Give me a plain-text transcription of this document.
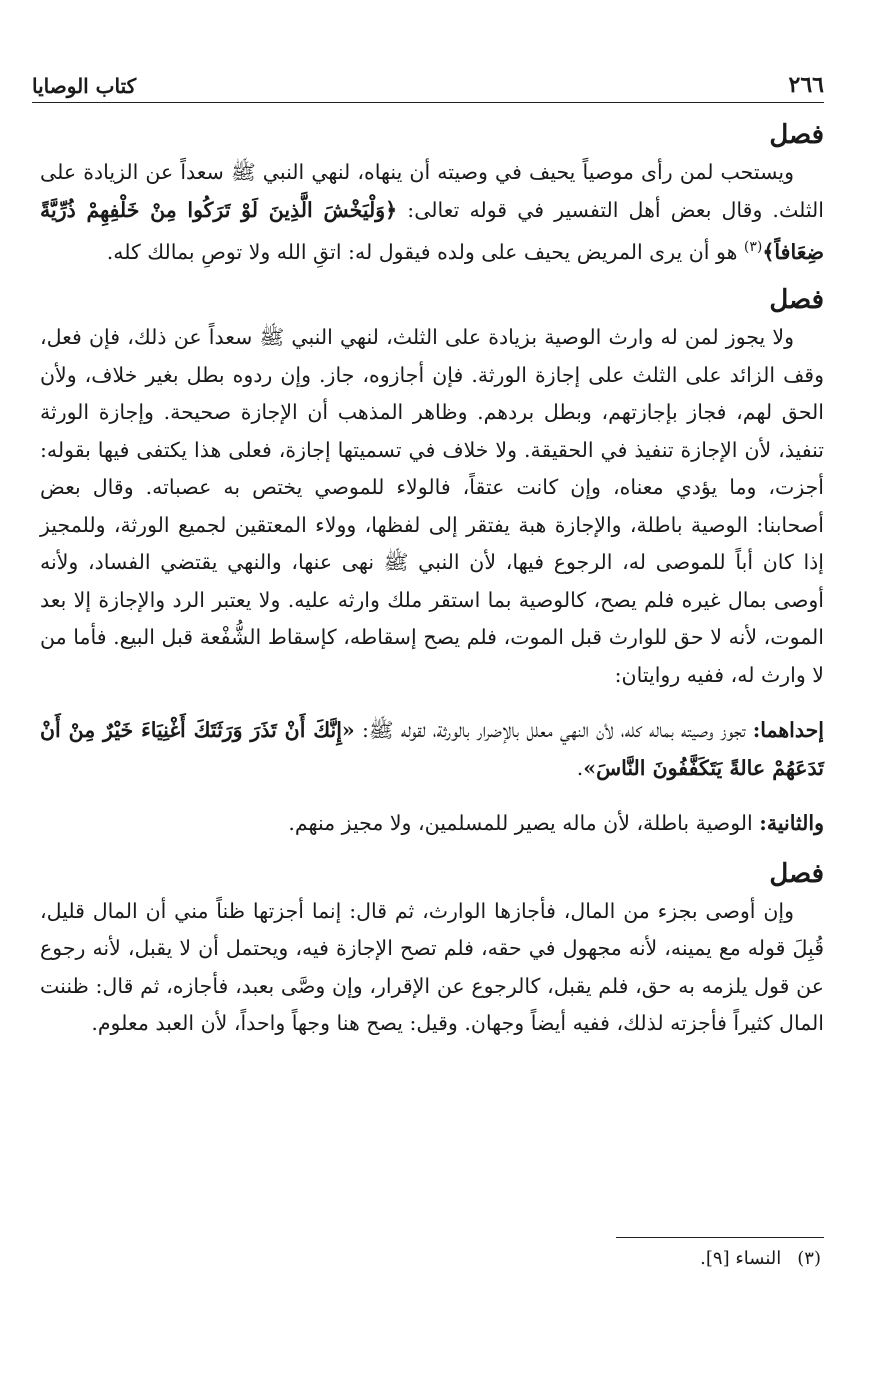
٢٦٦
كتاب الوصايا
فصل

ويستحب لمن رأى موصياً يحيف في وصيته أن ينهاه، لنهي النبي ﷺ سعداً عن الزيادة على الثلث. وقال بعض أهل التفسير في قوله تعالى: ﴿وَلْيَخْشَ الَّذِينَ لَوْ تَرَكُوا مِنْ خَلْفِهِمْ ذُرِّيَّةً ضِعَافاً﴾$^{(٣)}$ هو أن يرى المريض يحيف على ولده فيقول له: اتقِ الله ولا توصِ بمالك كله.

فصل

ولا يجوز لمن له وارث الوصية بزيادة على الثلث، لنهي النبي ﷺ سعداً عن ذلك، فإن فعل، وقف الزائد على الثلث على إجازة الورثة. فإن أجازوه، جاز. وإن ردوه بطل بغير خلاف، ولأن الحق لهم، فجاز بإجازتهم، وبطل بردهم. وظاهر المذهب أن الإجازة صحيحة. وإجازة الورثة تنفيذ، لأن الإجازة تنفيذ في الحقيقة. ولا خلاف في تسميتها إجازة، فعلى هذا يكتفى فيها بقوله: أجزت، وما يؤدي معناه، وإن كانت عتقاً، فالولاء للموصي يختص به عصباته. وقال بعض أصحابنا: الوصية باطلة، والإجازة هبة يفتقر إلى لفظها، وولاء المعتقين لجميع الورثة، وللمجيز إذا كان أباً للموصى له، الرجوع فيها، لأن النبي ﷺ نهى عنها، والنهي يقتضي الفساد، ولأنه أوصى بمال غيره فلم يصح، كالوصية بما استقر ملك وارثه عليه. ولا يعتبر الرد والإجازة إلا بعد الموت، لأنه لا حق للوارث قبل الموت، فلم يصح إسقاطه، كإسقاط الشُّفْعة قبل البيع. فأما من لا وارث له، ففيه روايتان:

إحداهما: تجوز وصيته بماله كله، لأن النهي معلل بالإضرار بالورثة، لقوله ﷺ: «إِنَّكَ أَنْ تَذَرَ وَرَثَتَكَ أَغْنِيَاءَ خَيْرٌ مِنْ أَنْ تَدَعَهُمْ عالةً يَتَكَفَّفُونَ النَّاسَ».

والثانية: الوصية باطلة، لأن ماله يصير للمسلمين، ولا مجيز منهم.

فصل

وإن أوصى بجزء من المال، فأجازها الوارث، ثم قال: إنما أجزتها ظناً مني أن المال قليل، قُبِلَ قوله مع يمينه، لأنه مجهول في حقه، فلم تصح الإجازة فيه، ويحتمل أن لا يقبل، لأنه رجوع عن قول يلزمه به حق، فلم يقبل، كالرجوع عن الإقرار، وإن وصَّى بعبد، فأجازه، ثم قال: ظننت المال كثيراً فأجزته لذلك، ففيه أيضاً وجهان. وقيل: يصح هنا وجهاً واحداً، لأن العبد معلوم.

(٣)النساء [٩].
